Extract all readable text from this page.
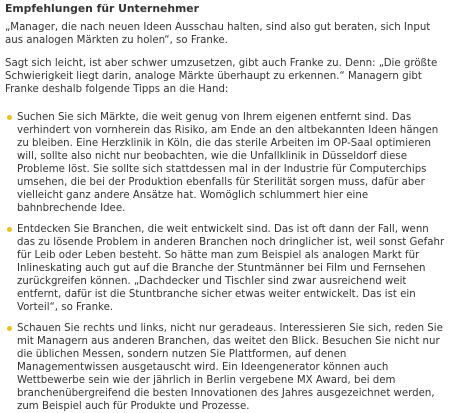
Empfehlungen für Unternehmer

„Manager, die nach neuen Ideen Ausschau halten, sind also gut beraten, sich Input aus analogen Märkten zu holen“, so Franke.

Sagt sich leicht, ist aber schwer umzusetzen, gibt auch Franke zu. Denn: „Die größte Schwierigkeit liegt darin, analoge Märkte überhaupt zu erkennen.“ Managern gibt Franke deshalb folgende Tipps an die Hand:

Suchen Sie sich Märkte, die weit genug von Ihrem eigenen entfernt sind. Das verhindert von vornherein das Risiko, am Ende an den altbekannten Ideen hängen zu bleiben. Eine Herzklinik in Köln, die das sterile Arbeiten im OP-Saal optimieren will, sollte also nicht nur beobachten, wie die Unfallklinik in Düsseldorf diese Probleme löst. Sie sollte sich stattdessen mal in der Industrie für Computerchips umsehen, die bei der Produktion ebenfalls für Sterilität sorgen muss, dafür aber vielleicht ganz andere Ansätze hat. Womöglich schlummert hier eine bahnbrechende Idee.
Entdecken Sie Branchen, die weit entwickelt sind. Das ist oft dann der Fall, wenn das zu lösende Problem in anderen Branchen noch dringlicher ist, weil sonst Gefahr für Leib oder Leben besteht. So hätte man zum Beispiel als analogen Markt für Inlineskating auch gut auf die Branche der Stuntmänner bei Film und Fernsehen zurückgreifen können. „Dachdecker und Tischler sind zwar ausreichend weit entfernt, dafür ist die Stuntbranche sicher etwas weiter entwickelt. Das ist ein Vorteil“, so Franke.
Schauen Sie rechts und links, nicht nur geradeaus. Interessieren Sie sich, reden Sie mit Managern aus anderen Branchen, das weitet den Blick. Besuchen Sie nicht nur die üblichen Messen, sondern nutzen Sie Plattformen, auf denen Managementwissen ausgetauscht wird. Ein Ideengenerator können auch Wettbewerbe sein wie der jährlich in Berlin vergebene MX Award, bei dem branchenübergreifend die besten Innovationen des Jahres ausgezeichnet werden, zum Beispiel auch für Produkte und Prozesse.
